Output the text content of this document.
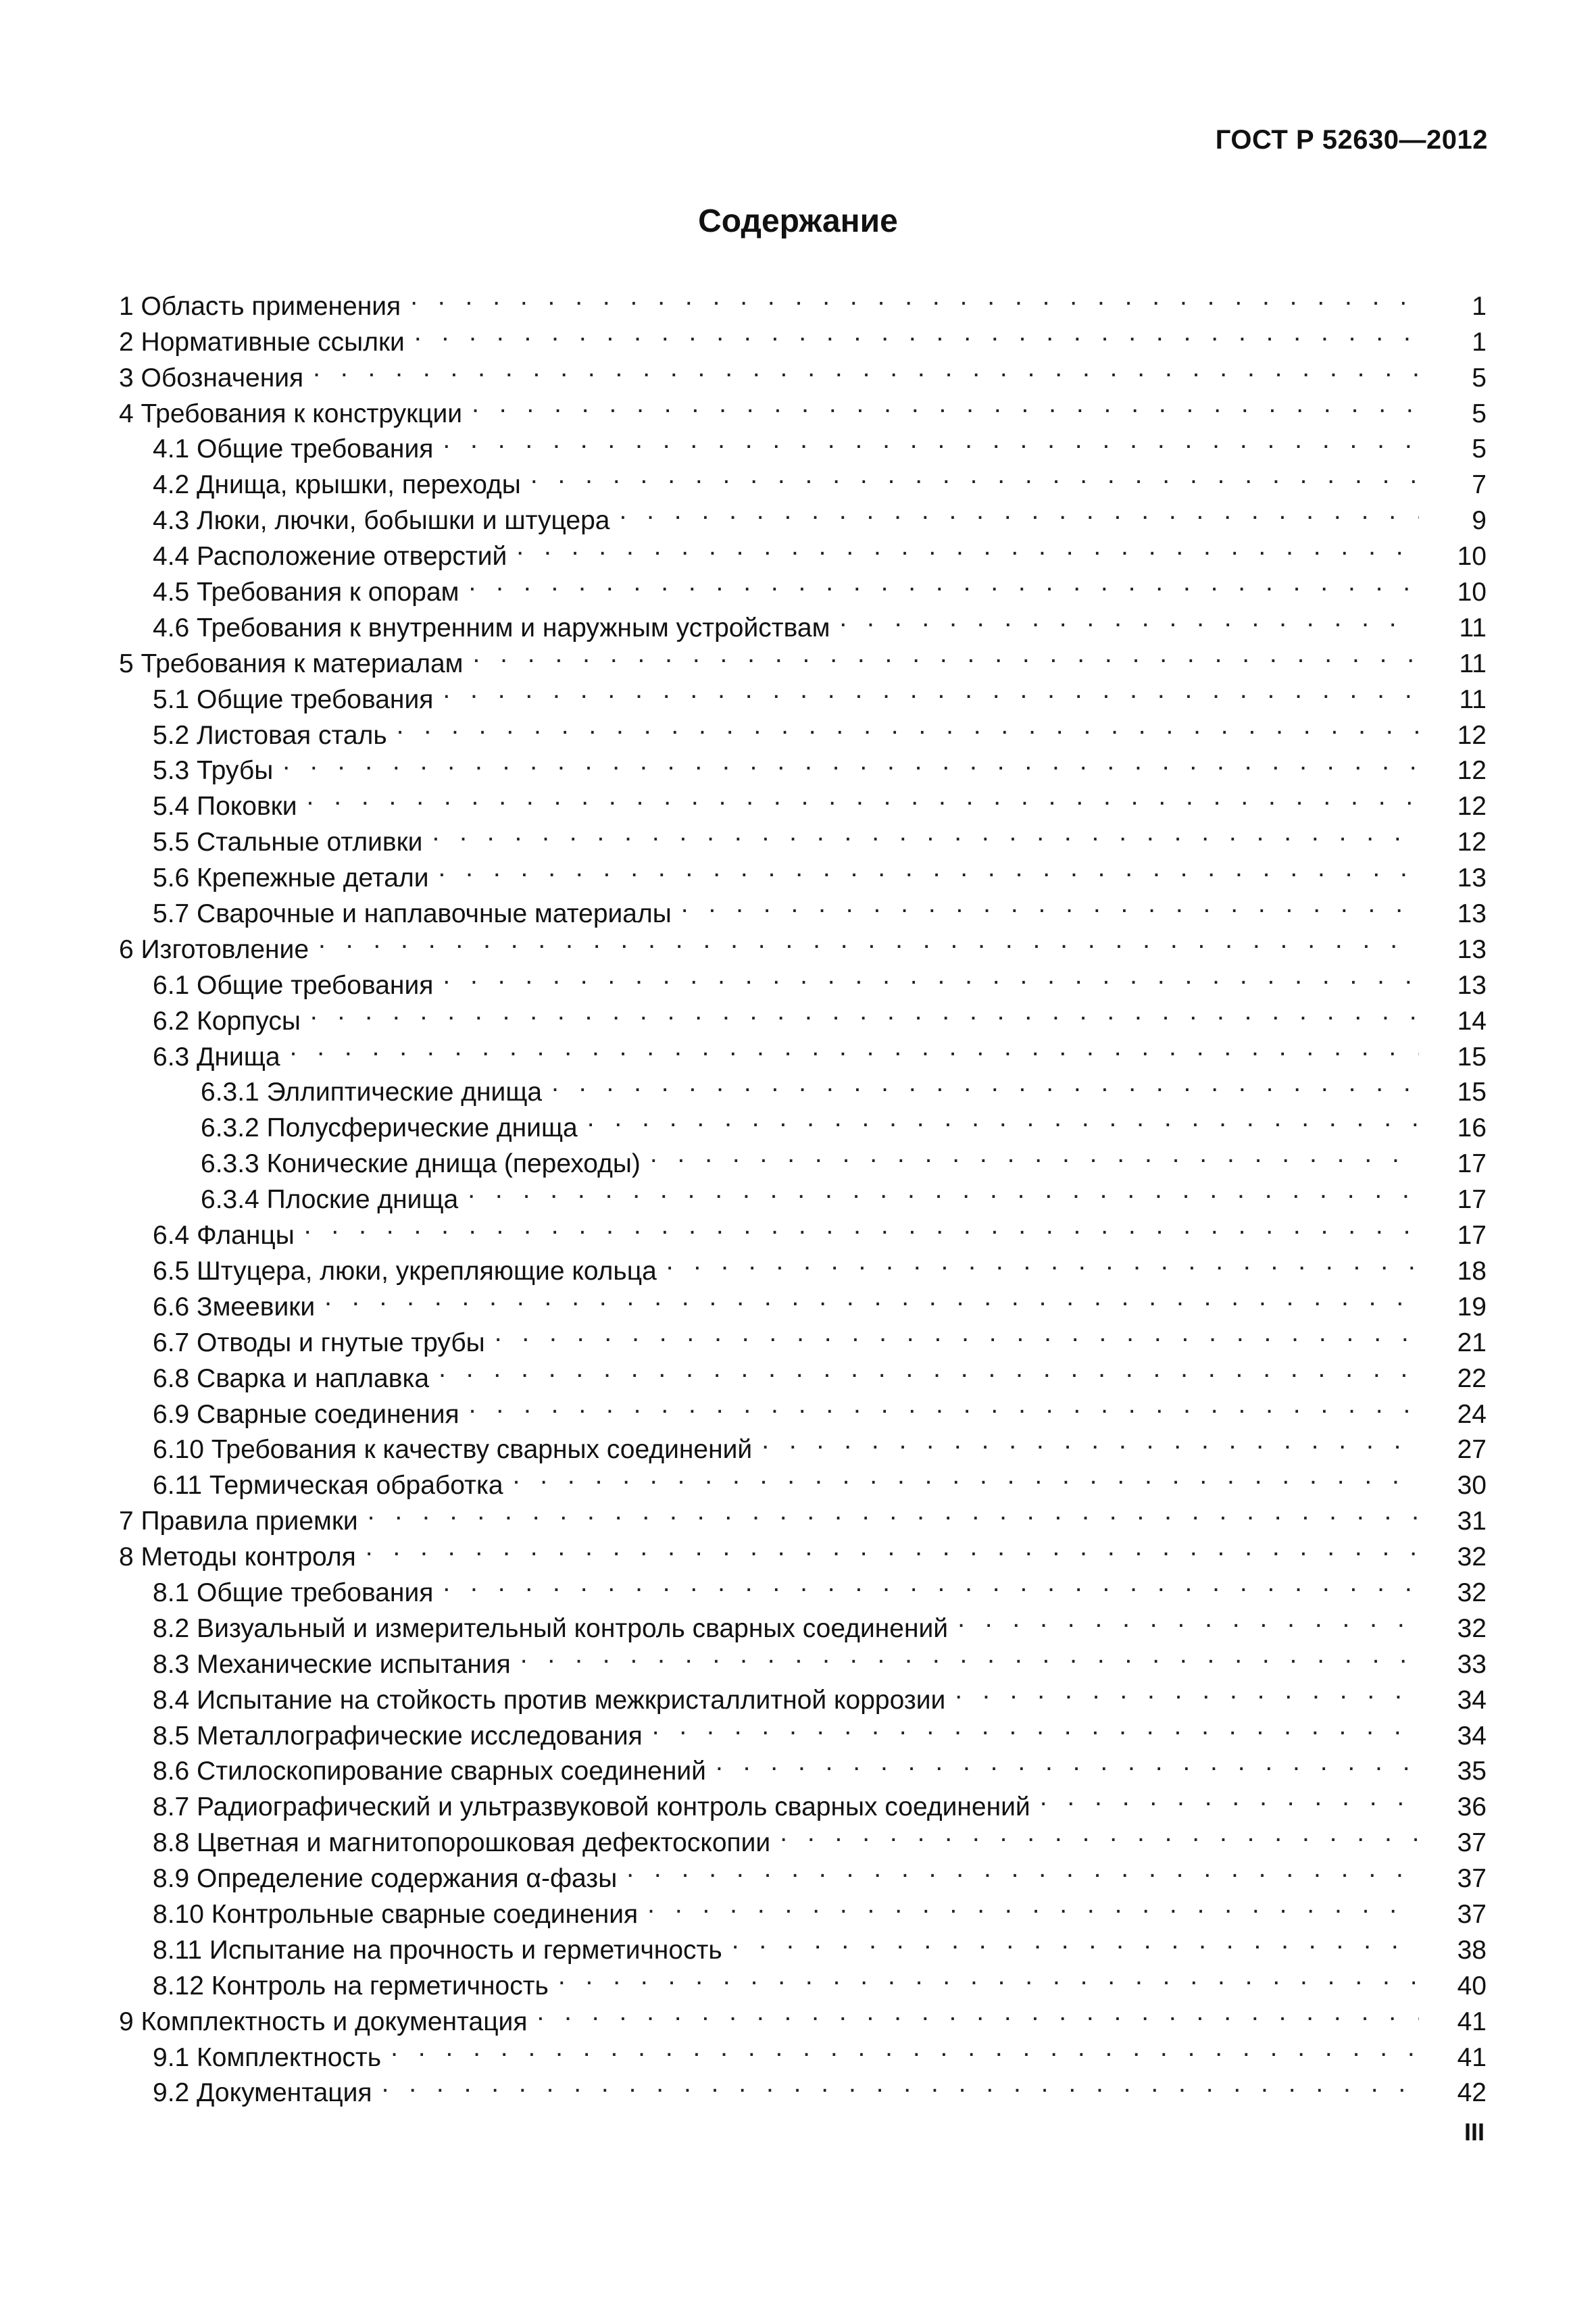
ГОСТ Р 52630—2012
Содержание
1 Область применения . . .	1
2 Нормативные ссылки . . .	1
3 Обозначения . . .	5
4 Требования к конструкции . . .	5
4.1 Общие требования . . .	5
4.2 Днища, крышки, переходы . . .	7
4.3 Люки, лючки, бобышки и штуцера . . .	9
4.4 Расположение отверстий . . .	10
4.5 Требования к опорам . . .	10
4.6 Требования к внутренним и наружным устройствам . . .	11
5 Требования к материалам . . .	11
5.1 Общие требования . . .	11
5.2 Листовая сталь . . .	12
5.3 Трубы . . .	12
5.4 Поковки . . .	12
5.5 Стальные отливки . . .	12
5.6 Крепежные детали . . .	13
5.7 Сварочные и наплавочные материалы . . .	13
6 Изготовление . . .	13
6.1 Общие требования . . .	13
6.2 Корпусы . . .	14
6.3 Днища . . .	15
6.3.1 Эллиптические днища . . .	15
6.3.2 Полусферические днища . . .	16
6.3.3 Конические днища (переходы) . . .	17
6.3.4 Плоские днища . . .	17
6.4 Фланцы . . .	17
6.5 Штуцера, люки, укрепляющие кольца . . .	18
6.6 Змеевики . . .	19
6.7 Отводы и гнутые трубы . . .	21
6.8 Сварка и наплавка . . .	22
6.9 Сварные соединения . . .	24
6.10 Требования к качеству сварных соединений . . .	27
6.11 Термическая обработка . . .	30
7 Правила приемки . . .	31
8 Методы контроля . . .	32
8.1 Общие требования . . .	32
8.2 Визуальный и измерительный контроль сварных соединений . . .	32
8.3 Механические испытания . . .	33
8.4 Испытание на стойкость против межкристаллитной коррозии . . .	34
8.5 Металлографические исследования . . .	34
8.6 Стилоскопирование сварных соединений . . .	35
8.7 Радиографический и ультразвуковой контроль сварных соединений . . .	36
8.8 Цветная и магнитопорошковая дефектоскопии . . .	37
8.9 Определение содержания α-фазы . . .	37
8.10 Контрольные сварные соединения . . .	37
8.11 Испытание на прочность и герметичность . . .	38
8.12 Контроль на герметичность . . .	40
9 Комплектность и документация . . .	41
9.1 Комплектность . . .	41
9.2 Документация . . .	42
III
